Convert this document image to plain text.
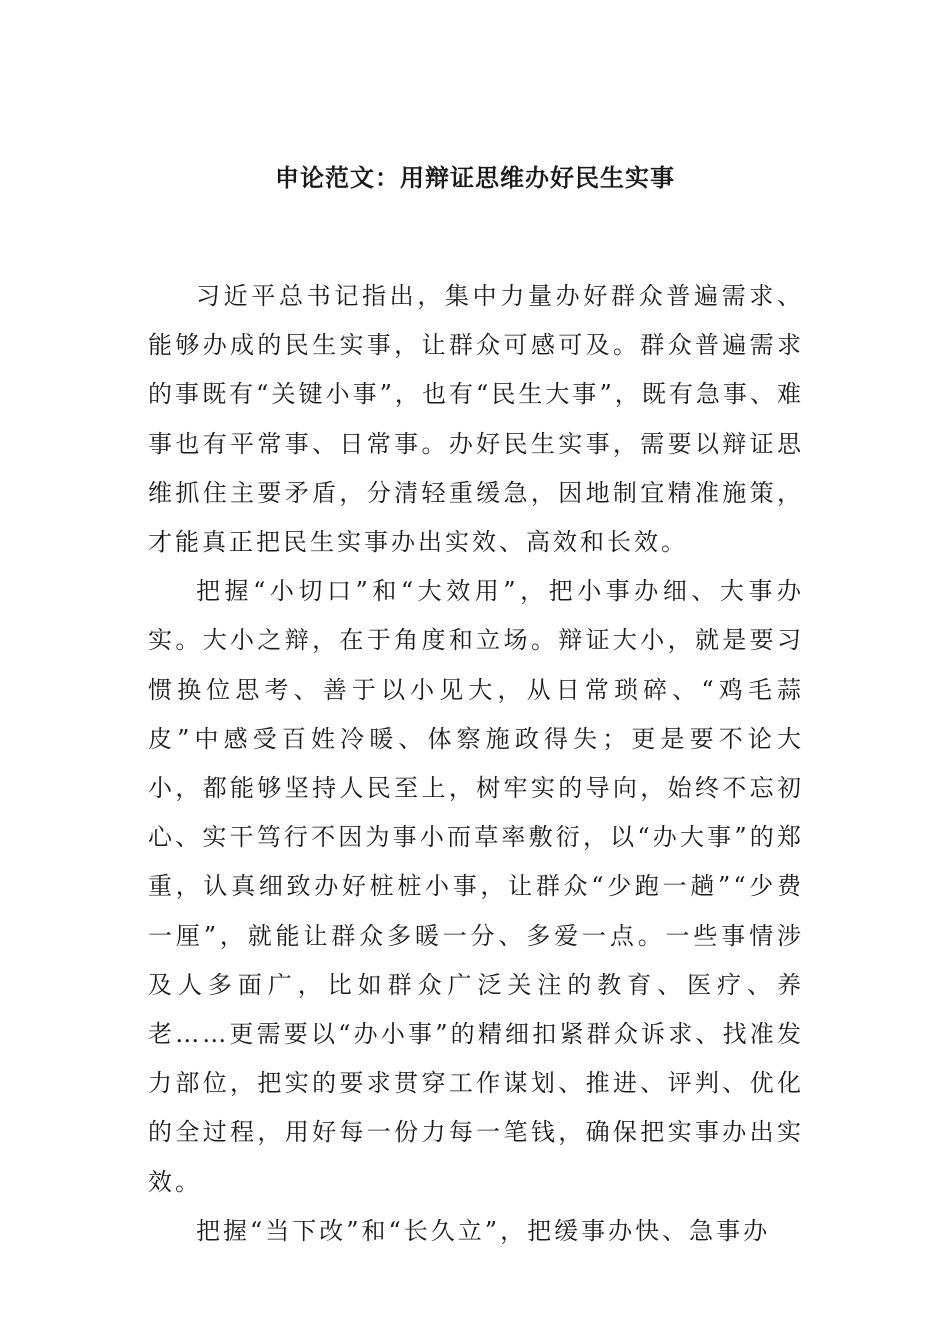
申论范文：用辩证思维办好民生实事

习近平总书记指出，集中力量办好群众普遍需求、能够办成的民生实事，让群众可感可及。群众普遍需求的事既有“关键小事”，也有“民生大事”，既有急事、难事也有平常事、日常事。办好民生实事，需要以辩证思维抓住主要矛盾，分清轻重缓急，因地制宜精准施策，才能真正把民生实事办出实效、高效和长效。

把握“小切口”和“大效用”，把小事办细、大事办实。大小之辩，在于角度和立场。辩证大小，就是要习惯换位思考、善于以小见大，从日常琐碎、“鸡毛蒜皮”中感受百姓冷暖、体察施政得失；更是要不论大小，都能够坚持人民至上，树牢实的导向，始终不忘初心、实干笃行不因为事小而草率敷衍，以“办大事”的郑重，认真细致办好桩桩小事，让群众“少跑一趟”“少费一厘”，就能让群众多暖一分、多爱一点。一些事情涉及人多面广，比如群众广泛关注的教育、医疗、养老……更需要以“办小事”的精细扣紧群众诉求、找准发力部位，把实的要求贯穿工作谋划、推进、评判、优化的全过程，用好每一份力每一笔钱，确保把实事办出实效。

把握“当下改”和“长久立”，把缓事办快、急事办
